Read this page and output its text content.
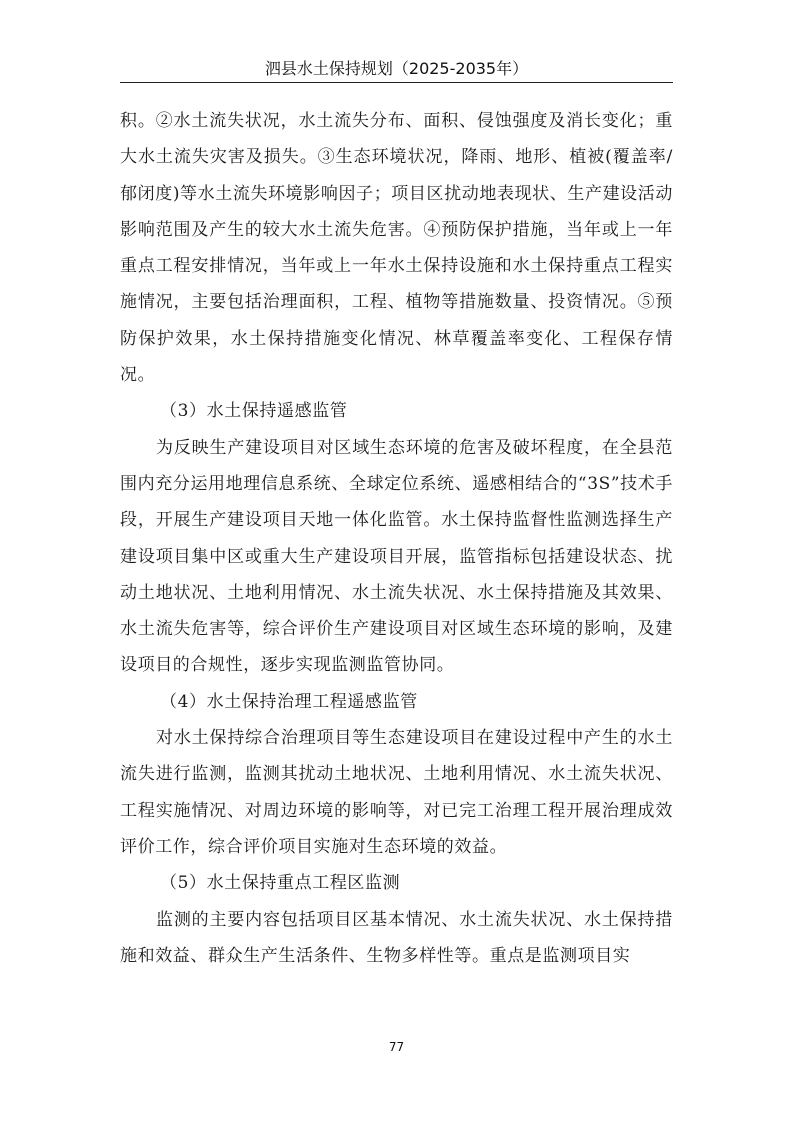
泗县水土保持规划（2025-2035年）

积。②水土流失状况，水土流失分布、面积、侵蚀强度及消长变化；重大水土流失灾害及损失。③生态环境状况，降雨、地形、植被(覆盖率/郁闭度)等水土流失环境影响因子；项目区扰动地表现状、生产建设活动影响范围及产生的较大水土流失危害。④预防保护措施，当年或上一年重点工程安排情况，当年或上一年水土保持设施和水土保持重点工程实施情况，主要包括治理面积，工程、植物等措施数量、投资情况。⑤预防保护效果，水土保持措施变化情况、林草覆盖率变化、工程保存情况。

（3）水土保持遥感监管

为反映生产建设项目对区域生态环境的危害及破坏程度，在全县范围内充分运用地理信息系统、全球定位系统、遥感相结合的“3S”技术手段，开展生产建设项目天地一体化监管。水土保持监督性监测选择生产建设项目集中区或重大生产建设项目开展，监管指标包括建设状态、扰动土地状况、土地利用情况、水土流失状况、水土保持措施及其效果、水土流失危害等，综合评价生产建设项目对区域生态环境的影响，及建设项目的合规性，逐步实现监测监管协同。

（4）水土保持治理工程遥感监管

对水土保持综合治理项目等生态建设项目在建设过程中产生的水土流失进行监测，监测其扰动土地状况、土地利用情况、水土流失状况、工程实施情况、对周边环境的影响等，对已完工治理工程开展治理成效评价工作，综合评价项目实施对生态环境的效益。

（5）水土保持重点工程区监测

监测的主要内容包括项目区基本情况、水土流失状况、水土保持措施和效益、群众生产生活条件、生物多样性等。重点是监测项目实

77
